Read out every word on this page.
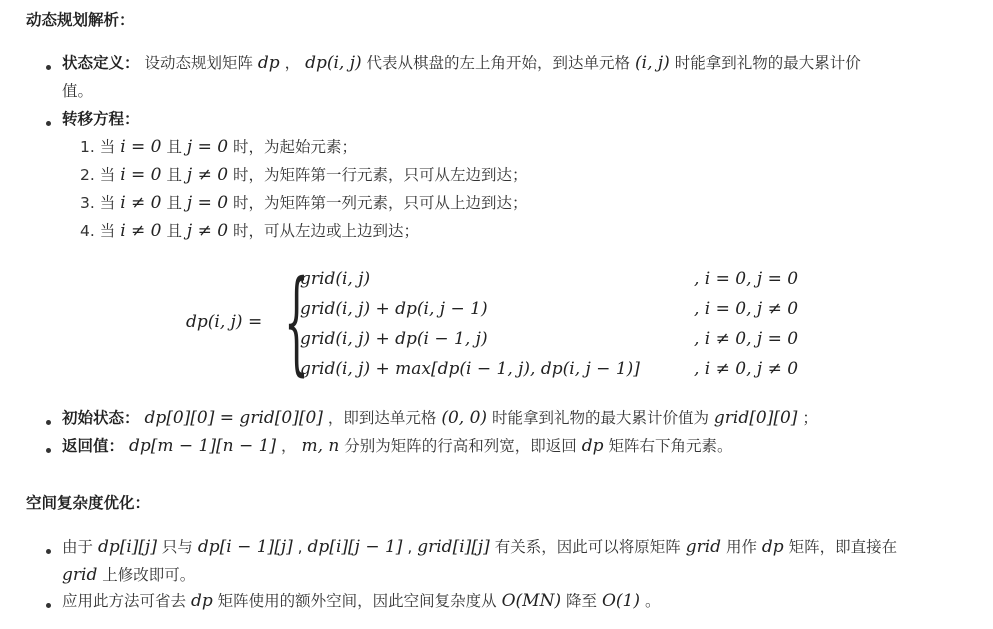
动态规划解析：
状态定义： 设动态规划矩阵 dp ， dp(i, j) 代表从棋盘的左上角开始，到达单元格 (i, j) 时能拿到礼物的最大累计价
值。
转移方程：
1. 当 i = 0 且 j = 0 时，为起始元素；
2. 当 i = 0 且 j ≠ 0 时，为矩阵第一行元素，只可从左边到达；
3. 当 i ≠ 0 且 j = 0 时，为矩阵第一列元素，只可从上边到达；
4. 当 i ≠ 0 且 j ≠ 0 时，可从左边或上边到达；
dp(i, j) = {
grid(i, j)	, i = 0, j = 0
grid(i, j) + dp(i, j − 1)	, i = 0, j ≠ 0
grid(i, j) + dp(i − 1, j)	, i ≠ 0, j = 0
grid(i, j) + max[dp(i − 1, j), dp(i, j − 1)]	, i ≠ 0, j ≠ 0
初始状态： dp[0][0] = grid[0][0] ，即到达单元格 (0, 0) 时能拿到礼物的最大累计价值为 grid[0][0] ；
返回值： dp[m − 1][n − 1] ， m, n 分别为矩阵的行高和列宽，即返回 dp 矩阵右下角元素。
空间复杂度优化：
由于 dp[i][j] 只与 dp[i − 1][j] , dp[i][j − 1] , grid[i][j] 有关系，因此可以将原矩阵 grid 用作 dp 矩阵，即直接在
grid 上修改即可。
应用此方法可省去 dp 矩阵使用的额外空间，因此空间复杂度从 O(MN) 降至 O(1) 。
